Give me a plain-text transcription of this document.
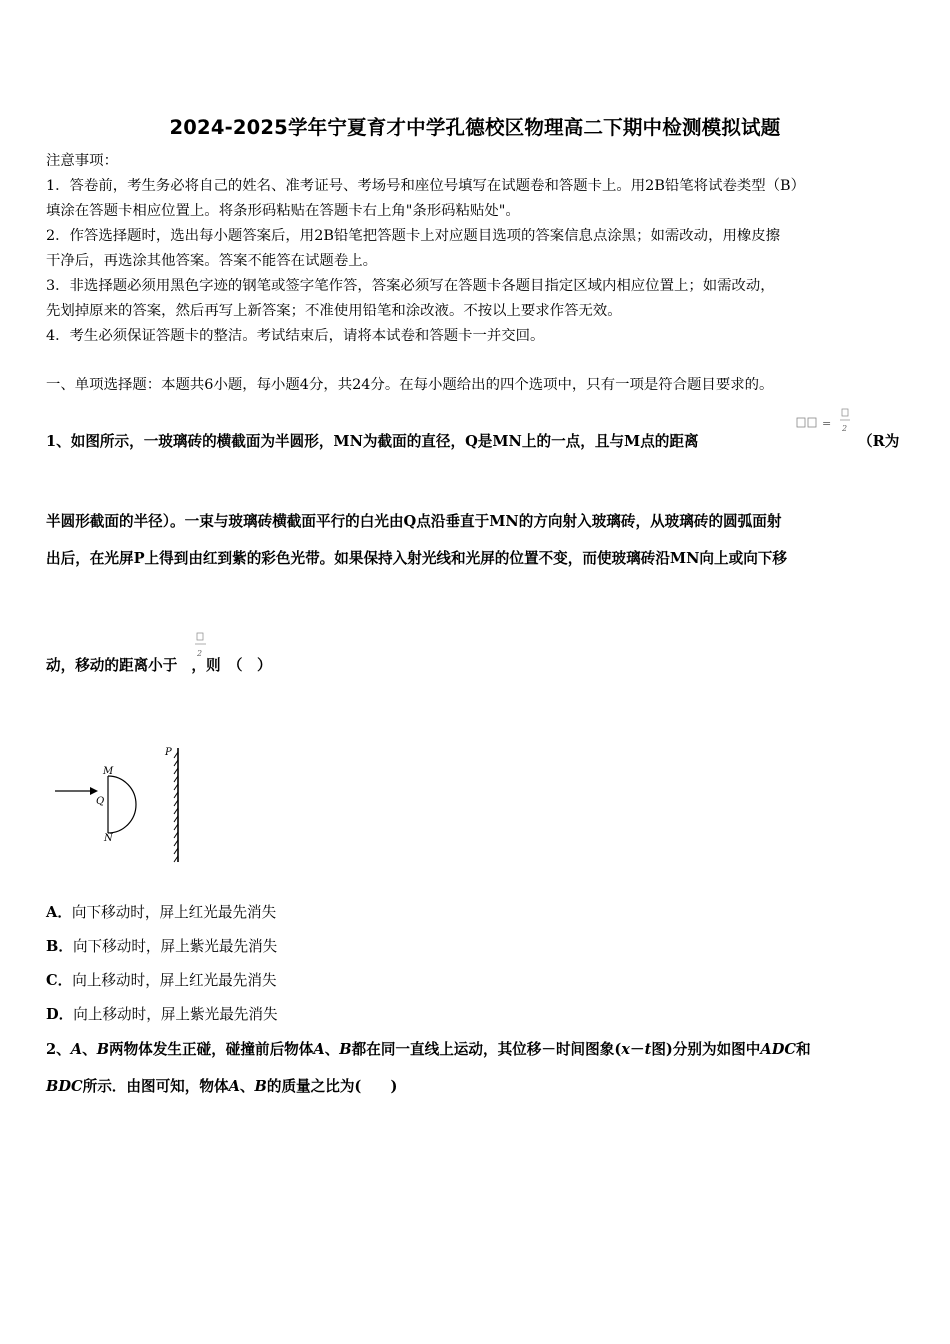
2024-2025学年宁夏育才中学孔德校区物理高二下期中检测模拟试题
注意事项：
1．答卷前，考生务必将自己的姓名、准考证号、考场号和座位号填写在试题卷和答题卡上。用2B铅笔将试卷类型（B）
填涂在答题卡相应位置上。将条形码粘贴在答题卡右上角"条形码粘贴处"。
2．作答选择题时，选出每小题答案后，用2B铅笔把答题卡上对应题目选项的答案信息点涂黑；如需改动，用橡皮擦
干净后，再选涂其他答案。答案不能答在试题卷上。
3．非选择题必须用黑色字迹的钢笔或签字笔作答，答案必须写在答题卡各题目指定区域内相应位置上；如需改动，
先划掉原来的答案，然后再写上新答案；不准使用铅笔和涂改液。不按以上要求作答无效。
4．考生必须保证答题卡的整洁。考试结束后，请将本试卷和答题卡一并交回。
一、单项选择题：本题共6小题，每小题4分，共24分。在每小题给出的四个选项中，只有一项是符合题目要求的。
1、如图所示，一玻璃砖的横截面为半圆形，MN为截面的直径，Q是MN上的一点，且与M点的距离
= 2
（R为
半圆形截面的半径）。一束与玻璃砖横截面平行的白光由Q点沿垂直于MN的方向射入玻璃砖，从玻璃砖的圆弧面射
出后，在光屏P上得到由红到紫的彩色光带。如果保持入射光线和光屏的位置不变，而使玻璃砖沿MN向上或向下移
动，移动的距离小于 ，则　（　）
2
M
Q
N
P
A．向下移动时，屏上红光最先消失
B．向下移动时，屏上紫光最先消失
C．向上移动时，屏上红光最先消失
D．向上移动时，屏上紫光最先消失
2、A、B两物体发生正碰，碰撞前后物体A、B都在同一直线上运动，其位移－时间图象(x－t图)分别为如图中ADC和
BDC所示．由图可知，物体A、B的质量之比为(　　)
